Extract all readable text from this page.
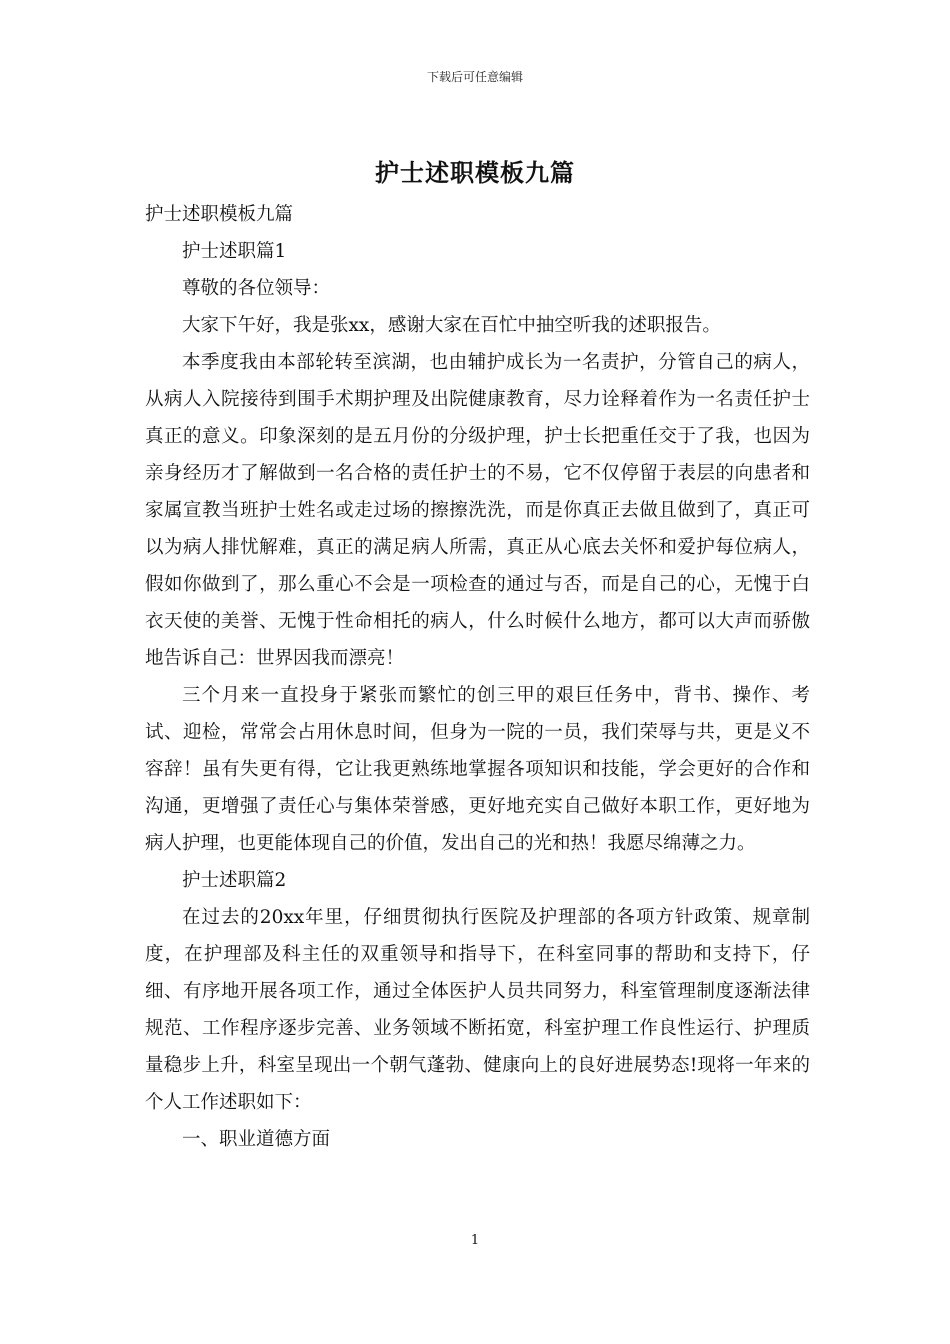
下载后可任意编辑
护士述职模板九篇
护士述职模板九篇

护士述职篇1

尊敬的各位领导：

大家下午好，我是张xx，感谢大家在百忙中抽空听我的述职报告。

本季度我由本部轮转至滨湖，也由辅护成长为一名责护，分管自己的病人，从病人入院接待到围手术期护理及出院健康教育，尽力诠释着作为一名责任护士真正的意义。印象深刻的是五月份的分级护理，护士长把重任交于了我，也因为亲身经历才了解做到一名合格的责任护士的不易，它不仅停留于表层的向患者和家属宣教当班护士姓名或走过场的擦擦洗洗，而是你真正去做且做到了，真正可以为病人排忧解难，真正的满足病人所需，真正从心底去关怀和爱护每位病人，假如你做到了，那么重心不会是一项检查的通过与否，而是自己的心，无愧于白衣天使的美誉、无愧于性命相托的病人，什么时候什么地方，都可以大声而骄傲地告诉自己：世界因我而漂亮！

三个月来一直投身于紧张而繁忙的创三甲的艰巨任务中，背书、操作、考试、迎检，常常会占用休息时间，但身为一院的一员，我们荣辱与共，更是义不容辞！虽有失更有得，它让我更熟练地掌握各项知识和技能，学会更好的合作和沟通，更增强了责任心与集体荣誉感，更好地充实自己做好本职工作，更好地为病人护理，也更能体现自己的价值，发出自己的光和热！我愿尽绵薄之力。

护士述职篇2

在过去的20xx年里，仔细贯彻执行医院及护理部的各项方针政策、规章制度，在护理部及科主任的双重领导和指导下，在科室同事的帮助和支持下，仔细、有序地开展各项工作，通过全体医护人员共同努力，科室管理制度逐渐法律规范、工作程序逐步完善、业务领域不断拓宽，科室护理工作良性运行、护理质量稳步上升，科室呈现出一个朝气蓬勃、健康向上的良好进展势态!现将一年来的个人工作述职如下：

一、职业道德方面

1
